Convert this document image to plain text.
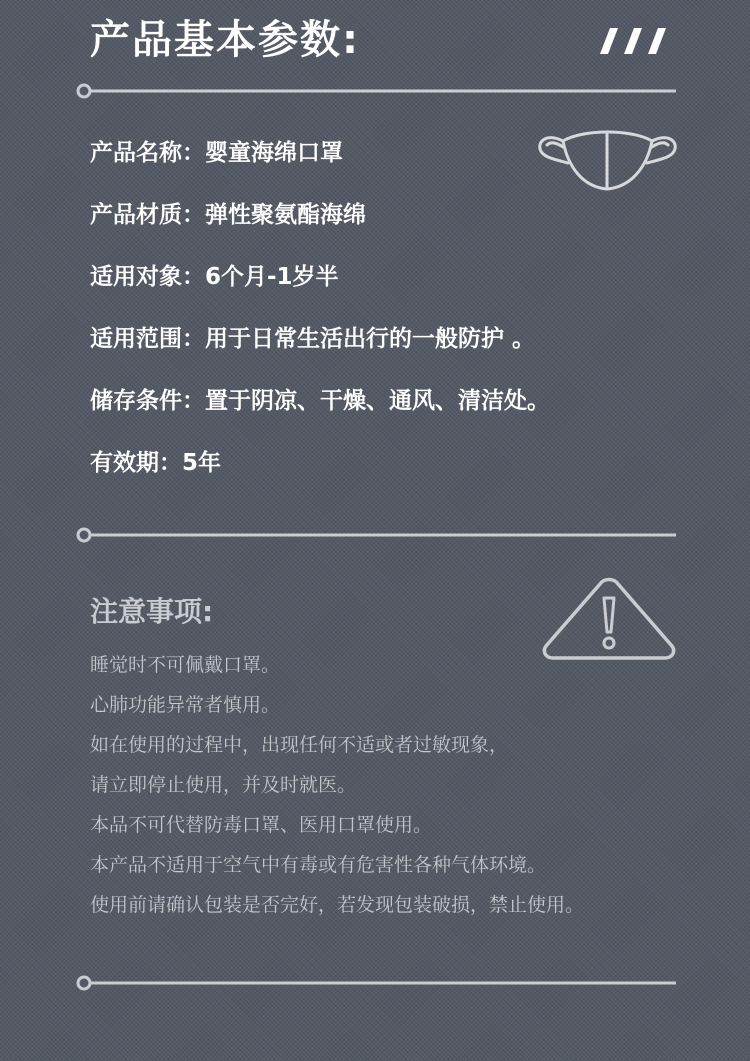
产品基本参数:
产品名称：婴童海绵口罩
产品材质：弹性聚氨酯海绵
适用对象：6个月-1岁半
适用范围：用于日常生活出行的一般防护 。
储存条件：置于阴凉、干燥、通风、清洁处。
有效期：5年
注意事项:
睡觉时不可佩戴口罩。
心肺功能异常者慎用。
如在使用的过程中，出现任何不适或者过敏现象，
请立即停止使用，并及时就医。
本品不可代替防毒口罩、医用口罩使用。
本产品不适用于空气中有毒或有危害性各种气体环境。
使用前请确认包装是否完好，若发现包装破损，禁止使用。
